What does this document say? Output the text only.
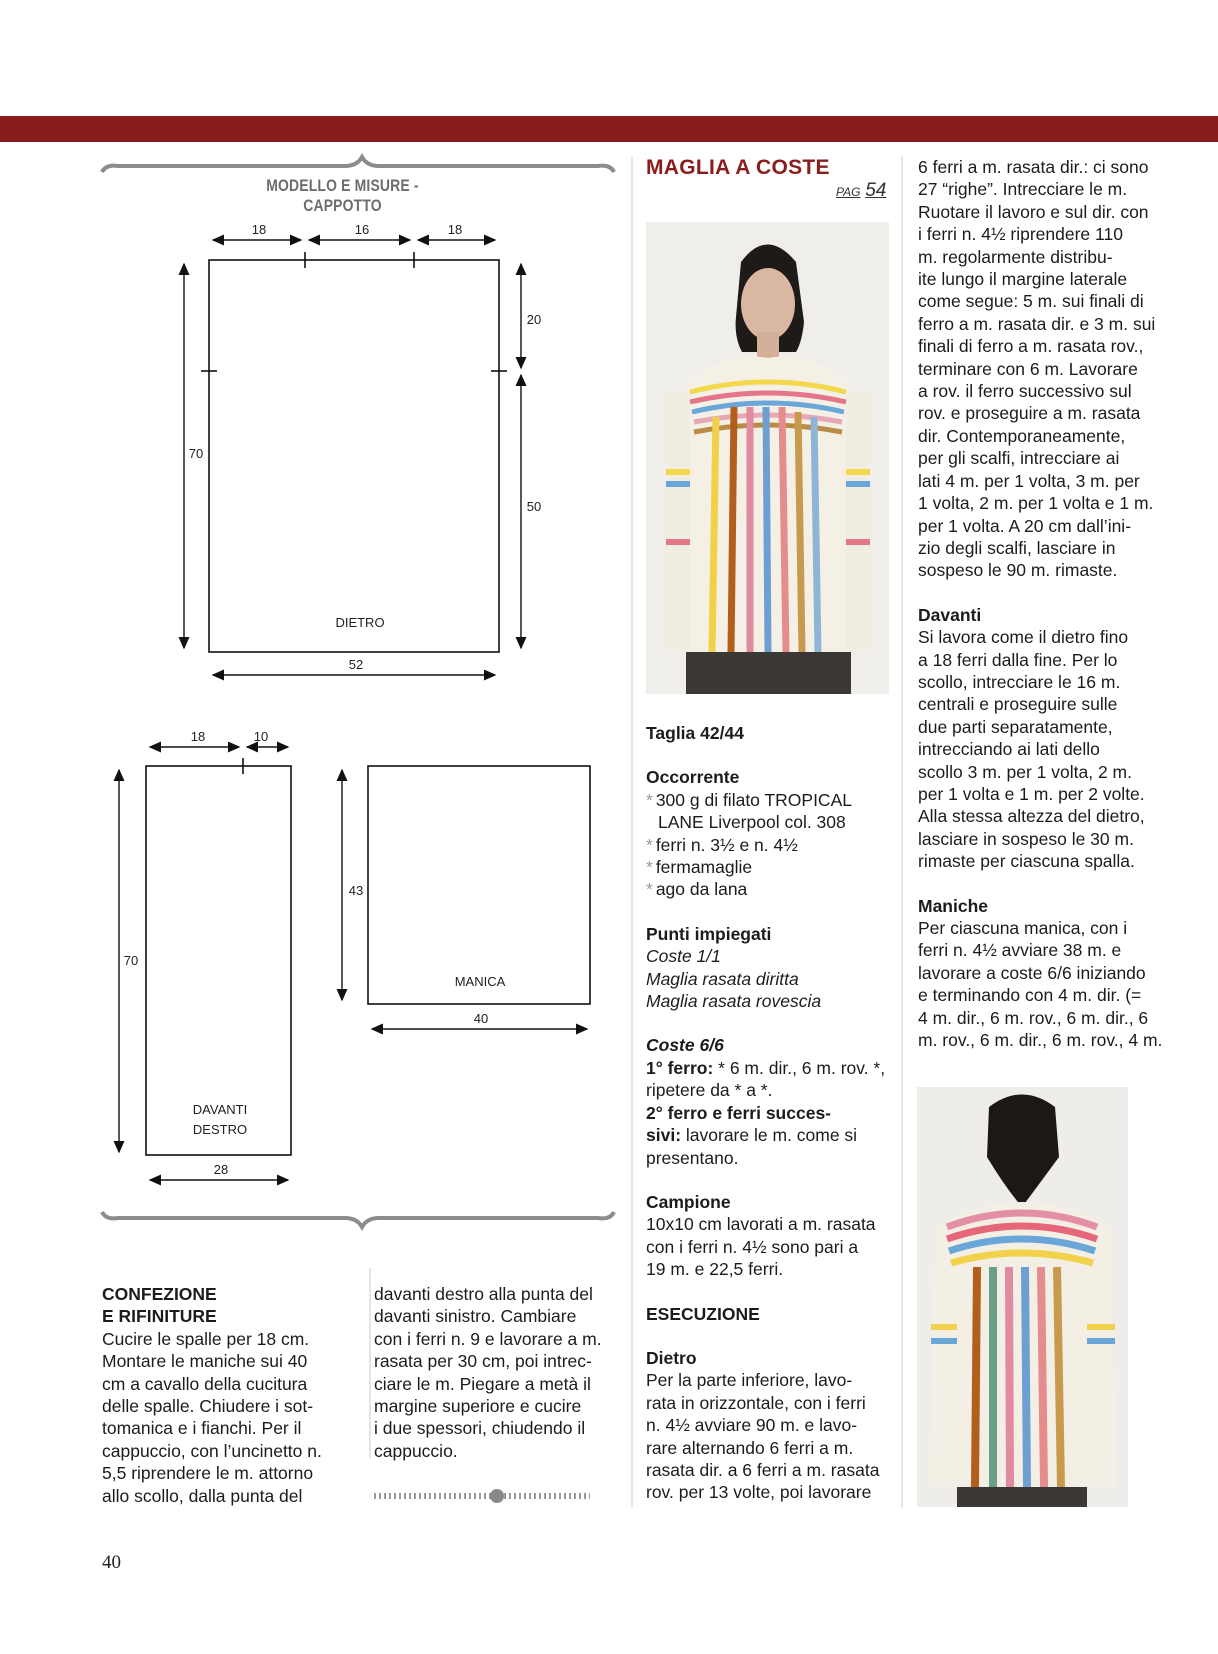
18	16	18
70
20
50
52
DIETRO
18	10
70
28
DAVANTI
DESTRO
43
40
MANICA
MODELLO E MISURE - CAPPOTTO

CONFEZIONE

E RIFINITURE

Cucire le spalle per 18 cm.

Montare le maniche sui 40

cm a cavallo della cucitura

delle spalle. Chiudere i sot-

tomanica e i fianchi. Per il

cappuccio, con l’uncinetto n.

5,5 riprendere le m. attorno

allo scollo, dalla punta del

davanti destro alla punta del

davanti sinistro. Cambiare

con i ferri n. 9 e lavorare a m.

rasata per 30 cm, poi intrec-

ciare le m. Piegare a metà il

margine superiore e cucire

i due spessori, chiudendo il

cappuccio.

MAGLIA A COSTE
PAG 54

Taglia 42/44

Occorrente

* 300 g di filato TROPICAL

LANE Liverpool col. 308

* ferri n. 3½ e n. 4½

* fermamaglie

* ago da lana

Punti impiegati

Coste 1/1

Maglia rasata diritta

Maglia rasata rovescia

Coste 6/6

1° ferro: * 6 m. dir., 6 m. rov. *,

ripetere da * a *.

2° ferro e ferri succes-

sivi: lavorare le m. come si

presentano.

Campione

10x10 cm lavorati a m. rasata

con i ferri n. 4½ sono pari a

19 m. e 22,5 ferri.

ESECUZIONE

Dietro

Per la parte inferiore, lavo-

rata in orizzontale, con i ferri

n. 4½ avviare 90 m. e lavo-

rare alternando 6 ferri a m.

rasata dir. a 6 ferri a m. rasata

rov. per 13 volte, poi lavorare

6 ferri a m. rasata dir.: ci sono

27 “righe”. Intrecciare le m.

Ruotare il lavoro e sul dir. con

i ferri n. 4½ riprendere 110

m. regolarmente distribu-

ite lungo il margine laterale

come segue: 5 m. sui finali di

ferro a m. rasata dir. e 3 m. sui

finali di ferro a m. rasata rov.,

terminare con 6 m. Lavorare

a rov. il ferro successivo sul

rov. e proseguire a m. rasata

dir. Contemporaneamente,

per gli scalfi, intrecciare ai

lati 4 m. per 1 volta, 3 m. per

1 volta, 2 m. per 1 volta e 1 m.

per 1 volta. A 20 cm dall’ini-

zio degli scalfi, lasciare in

sospeso le 90 m. rimaste.

Davanti

Si lavora come il dietro fino

a 18 ferri dalla fine. Per lo

scollo, intrecciare le 16 m.

centrali e proseguire sulle

due parti separatamente,

intrecciando ai lati dello

scollo 3 m. per 1 volta, 2 m.

per 1 volta e 1 m. per 2 volte.

Alla stessa altezza del dietro,

lasciare in sospeso le 30 m.

rimaste per ciascuna spalla.

Maniche

Per ciascuna manica, con i

ferri n. 4½ avviare 38 m. e

lavorare a coste 6/6 iniziando

e terminando con 4 m. dir. (=

4 m. dir., 6 m. rov., 6 m. dir., 6

m. rov., 6 m. dir., 6 m. rov., 4 m.

40
